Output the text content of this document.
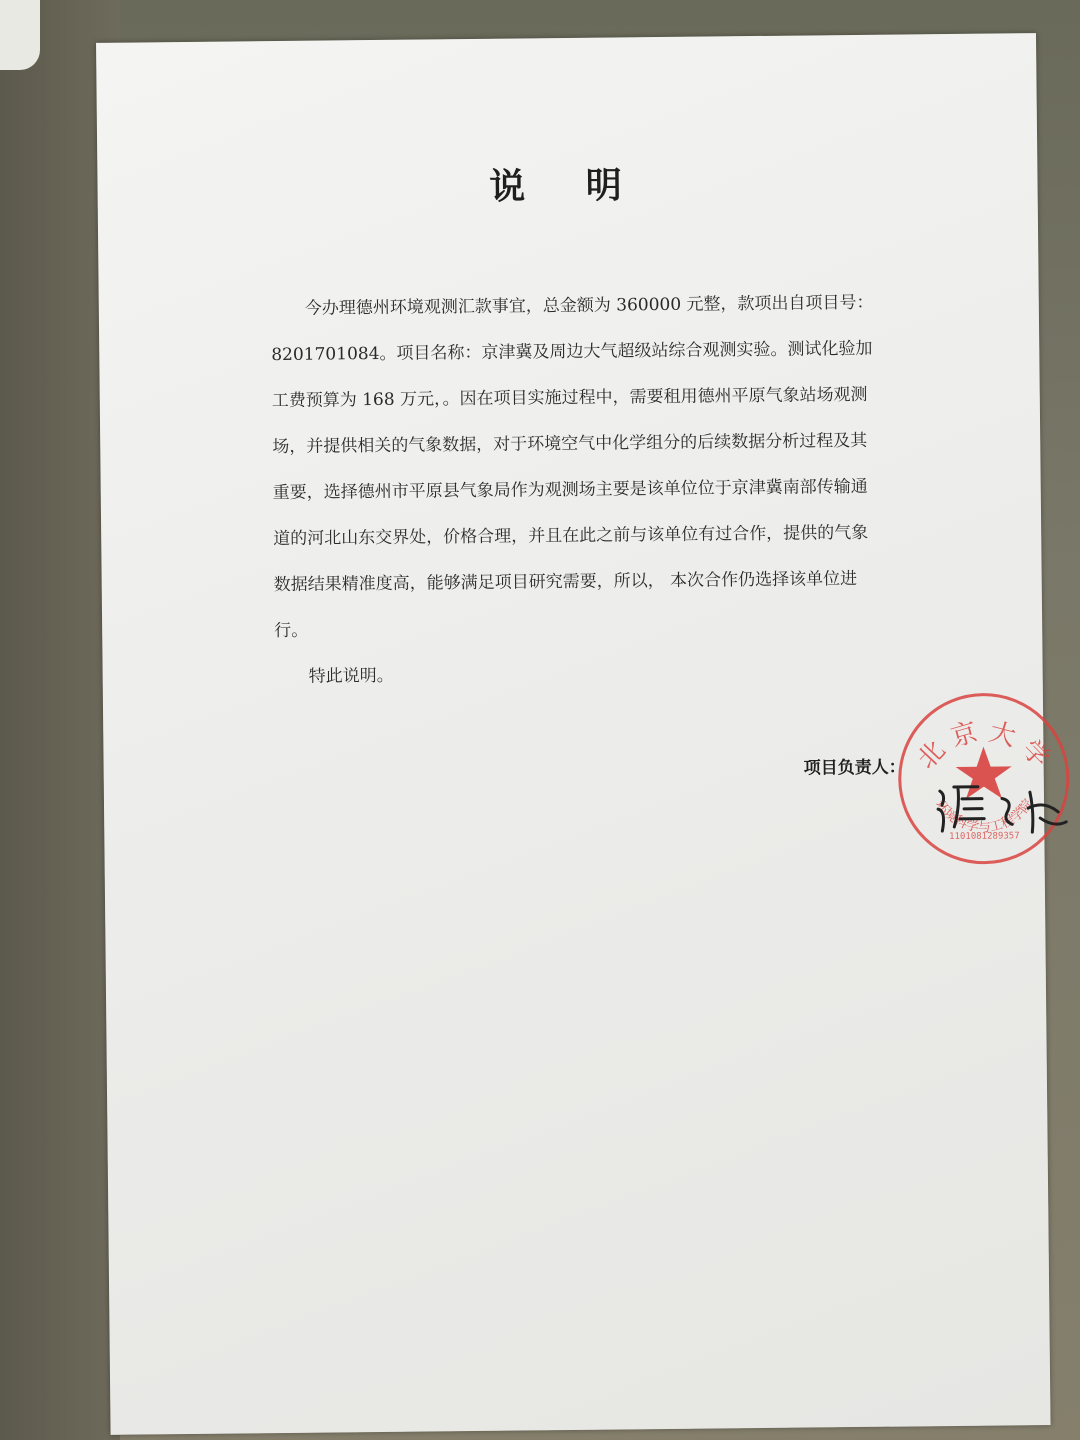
说 明

今办理德州环境观测汇款事宜，总金额为 360000 元整，款项出自项目号：8201701084。项目名称：京津冀及周边大气超级站综合观测实验。测试化验加工费预算为 168 万元，。因在项目实施过程中，需要租用德州平原气象站场观测场，并提供相关的气象数据，对于环境空气中化学组分的后续数据分析过程及其重要，选择德州市平原县气象局作为观测场主要是该单位位于京津冀南部传输通道的河北山东交界处，价格合理，并且在此之前与该单位有过合作，提供的气象数据结果精准度高，能够满足项目研究需要，所以， 本次合作仍选择该单位进行。

特此说明。

项目负责人： 北 京 大 学
环境科学与工程学院
1101081289357
